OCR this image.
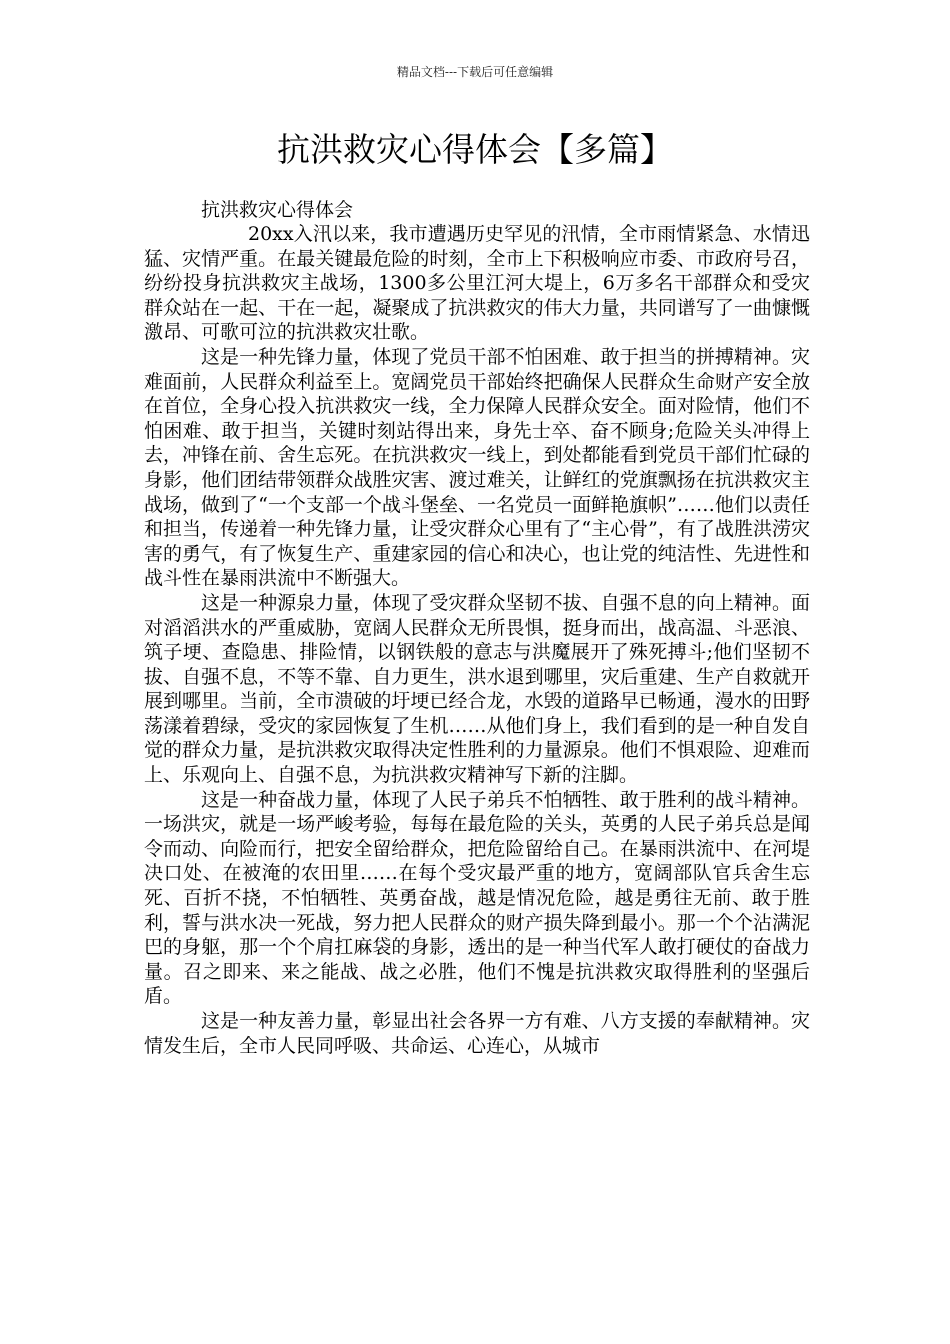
精品文档---下载后可任意编辑
抗洪救灾心得体会【多篇】

抗洪救灾心得体会

20xx入汛以来，我市遭遇历史罕见的汛情，全市雨情紧急、水情迅猛、灾情严重。在最关键最危险的时刻，全市上下积极响应市委、市政府号召，纷纷投身抗洪救灾主战场，1300多公里江河大堤上，6万多名干部群众和受灾群众站在一起、干在一起，凝聚成了抗洪救灾的伟大力量，共同谱写了一曲慷慨激昂、可歌可泣的抗洪救灾壮歌。

这是一种先锋力量，体现了党员干部不怕困难、敢于担当的拼搏精神。灾难面前，人民群众利益至上。宽阔党员干部始终把确保人民群众生命财产安全放在首位，全身心投入抗洪救灾一线，全力保障人民群众安全。面对险情，他们不怕困难、敢于担当，关键时刻站得出来，身先士卒、奋不顾身;危险关头冲得上去，冲锋在前、舍生忘死。在抗洪救灾一线上，到处都能看到党员干部们忙碌的身影，他们团结带领群众战胜灾害、渡过难关，让鲜红的党旗飘扬在抗洪救灾主战场，做到了“一个支部一个战斗堡垒、一名党员一面鲜艳旗帜”……他们以责任和担当，传递着一种先锋力量，让受灾群众心里有了“主心骨”，有了战胜洪涝灾害的勇气，有了恢复生产、重建家园的信心和决心，也让党的纯洁性、先进性和战斗性在暴雨洪流中不断强大。

这是一种源泉力量，体现了受灾群众坚韧不拔、自强不息的向上精神。面对滔滔洪水的严重威胁，宽阔人民群众无所畏惧，挺身而出，战高温、斗恶浪、筑子埂、查隐患、排险情，以钢铁般的意志与洪魔展开了殊死搏斗;他们坚韧不拔、自强不息，不等不靠、自力更生，洪水退到哪里，灾后重建、生产自救就开展到哪里。当前，全市溃破的圩埂已经合龙，水毁的道路早已畅通，漫水的田野荡漾着碧绿，受灾的家园恢复了生机……从他们身上，我们看到的是一种自发自觉的群众力量，是抗洪救灾取得决定性胜利的力量源泉。他们不惧艰险、迎难而上、乐观向上、自强不息，为抗洪救灾精神写下新的注脚。

这是一种奋战力量，体现了人民子弟兵不怕牺牲、敢于胜利的战斗精神。一场洪灾，就是一场严峻考验，每每在最危险的关头，英勇的人民子弟兵总是闻令而动、向险而行，把安全留给群众，把危险留给自己。在暴雨洪流中、在河堤决口处、在被淹的农田里……在每个受灾最严重的地方，宽阔部队官兵舍生忘死、百折不挠，不怕牺牲、英勇奋战，越是情况危险，越是勇往无前、敢于胜利，誓与洪水决一死战，努力把人民群众的财产损失降到最小。那一个个沾满泥巴的身躯，那一个个肩扛麻袋的身影，透出的是一种当代军人敢打硬仗的奋战力量。召之即来、来之能战、战之必胜，他们不愧是抗洪救灾取得胜利的坚强后盾。

这是一种友善力量，彰显出社会各界一方有难、八方支援的奉献精神。灾情发生后，全市人民同呼吸、共命运、心连心，从城市
